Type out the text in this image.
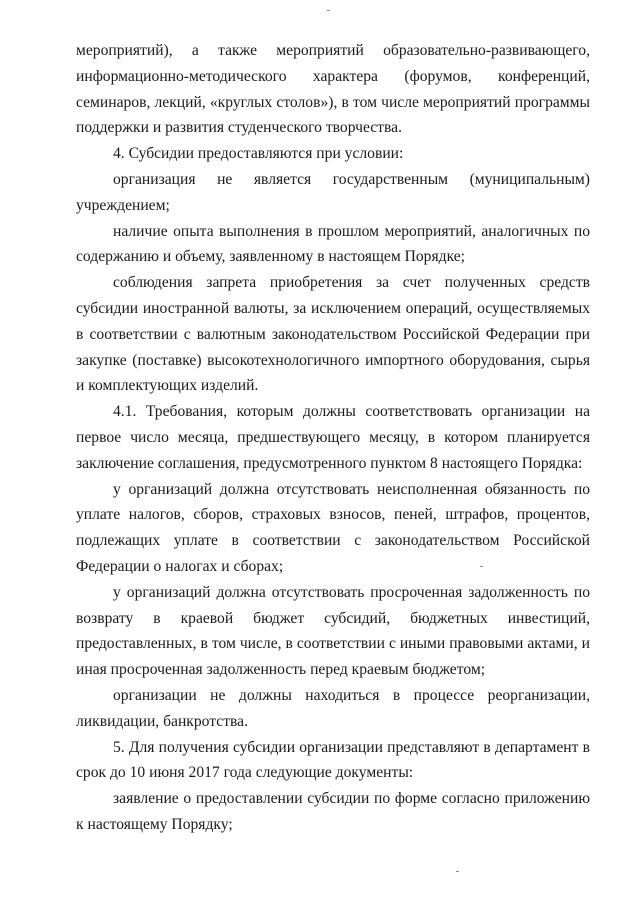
мероприятий), а также мероприятий образовательно-развивающего, информационно-методического характера (форумов, конференций, семинаров, лекций, «круглых столов»), в том числе мероприятий программы поддержки и развития студенческого творчества.

4. Субсидии предоставляются при условии:

организация не является государственным (муниципальным) учреждением;

наличие опыта выполнения в прошлом мероприятий, аналогичных по содержанию и объему, заявленному в настоящем Порядке;

соблюдения запрета приобретения за счет полученных средств субсидии иностранной валюты, за исключением операций, осуществляемых в соответствии с валютным законодательством Российской Федерации при закупке (поставке) высокотехнологичного импортного оборудования, сырья и комплектующих изделий.

4.1. Требования, которым должны соответствовать организации на первое число месяца, предшествующего месяцу, в котором планируется заключение соглашения, предусмотренного пунктом 8 настоящего Порядка:

у организаций должна отсутствовать неисполненная обязанность по уплате налогов, сборов, страховых взносов, пеней, штрафов, процентов, подлежащих уплате в соответствии с законодательством Российской Федерации о налогах и сборах;

у организаций должна отсутствовать просроченная задолженность по возврату в краевой бюджет субсидий, бюджетных инвестиций, предоставленных, в том числе, в соответствии с иными правовыми актами, и иная просроченная задолженность перед краевым бюджетом;

организации не должны находиться в процессе реорганизации, ликвидации, банкротства.

5. Для получения субсидии организации представляют в департамент в срок до 10 июня 2017 года следующие документы:

заявление о предоставлении субсидии по форме согласно приложению к настоящему Порядку;
